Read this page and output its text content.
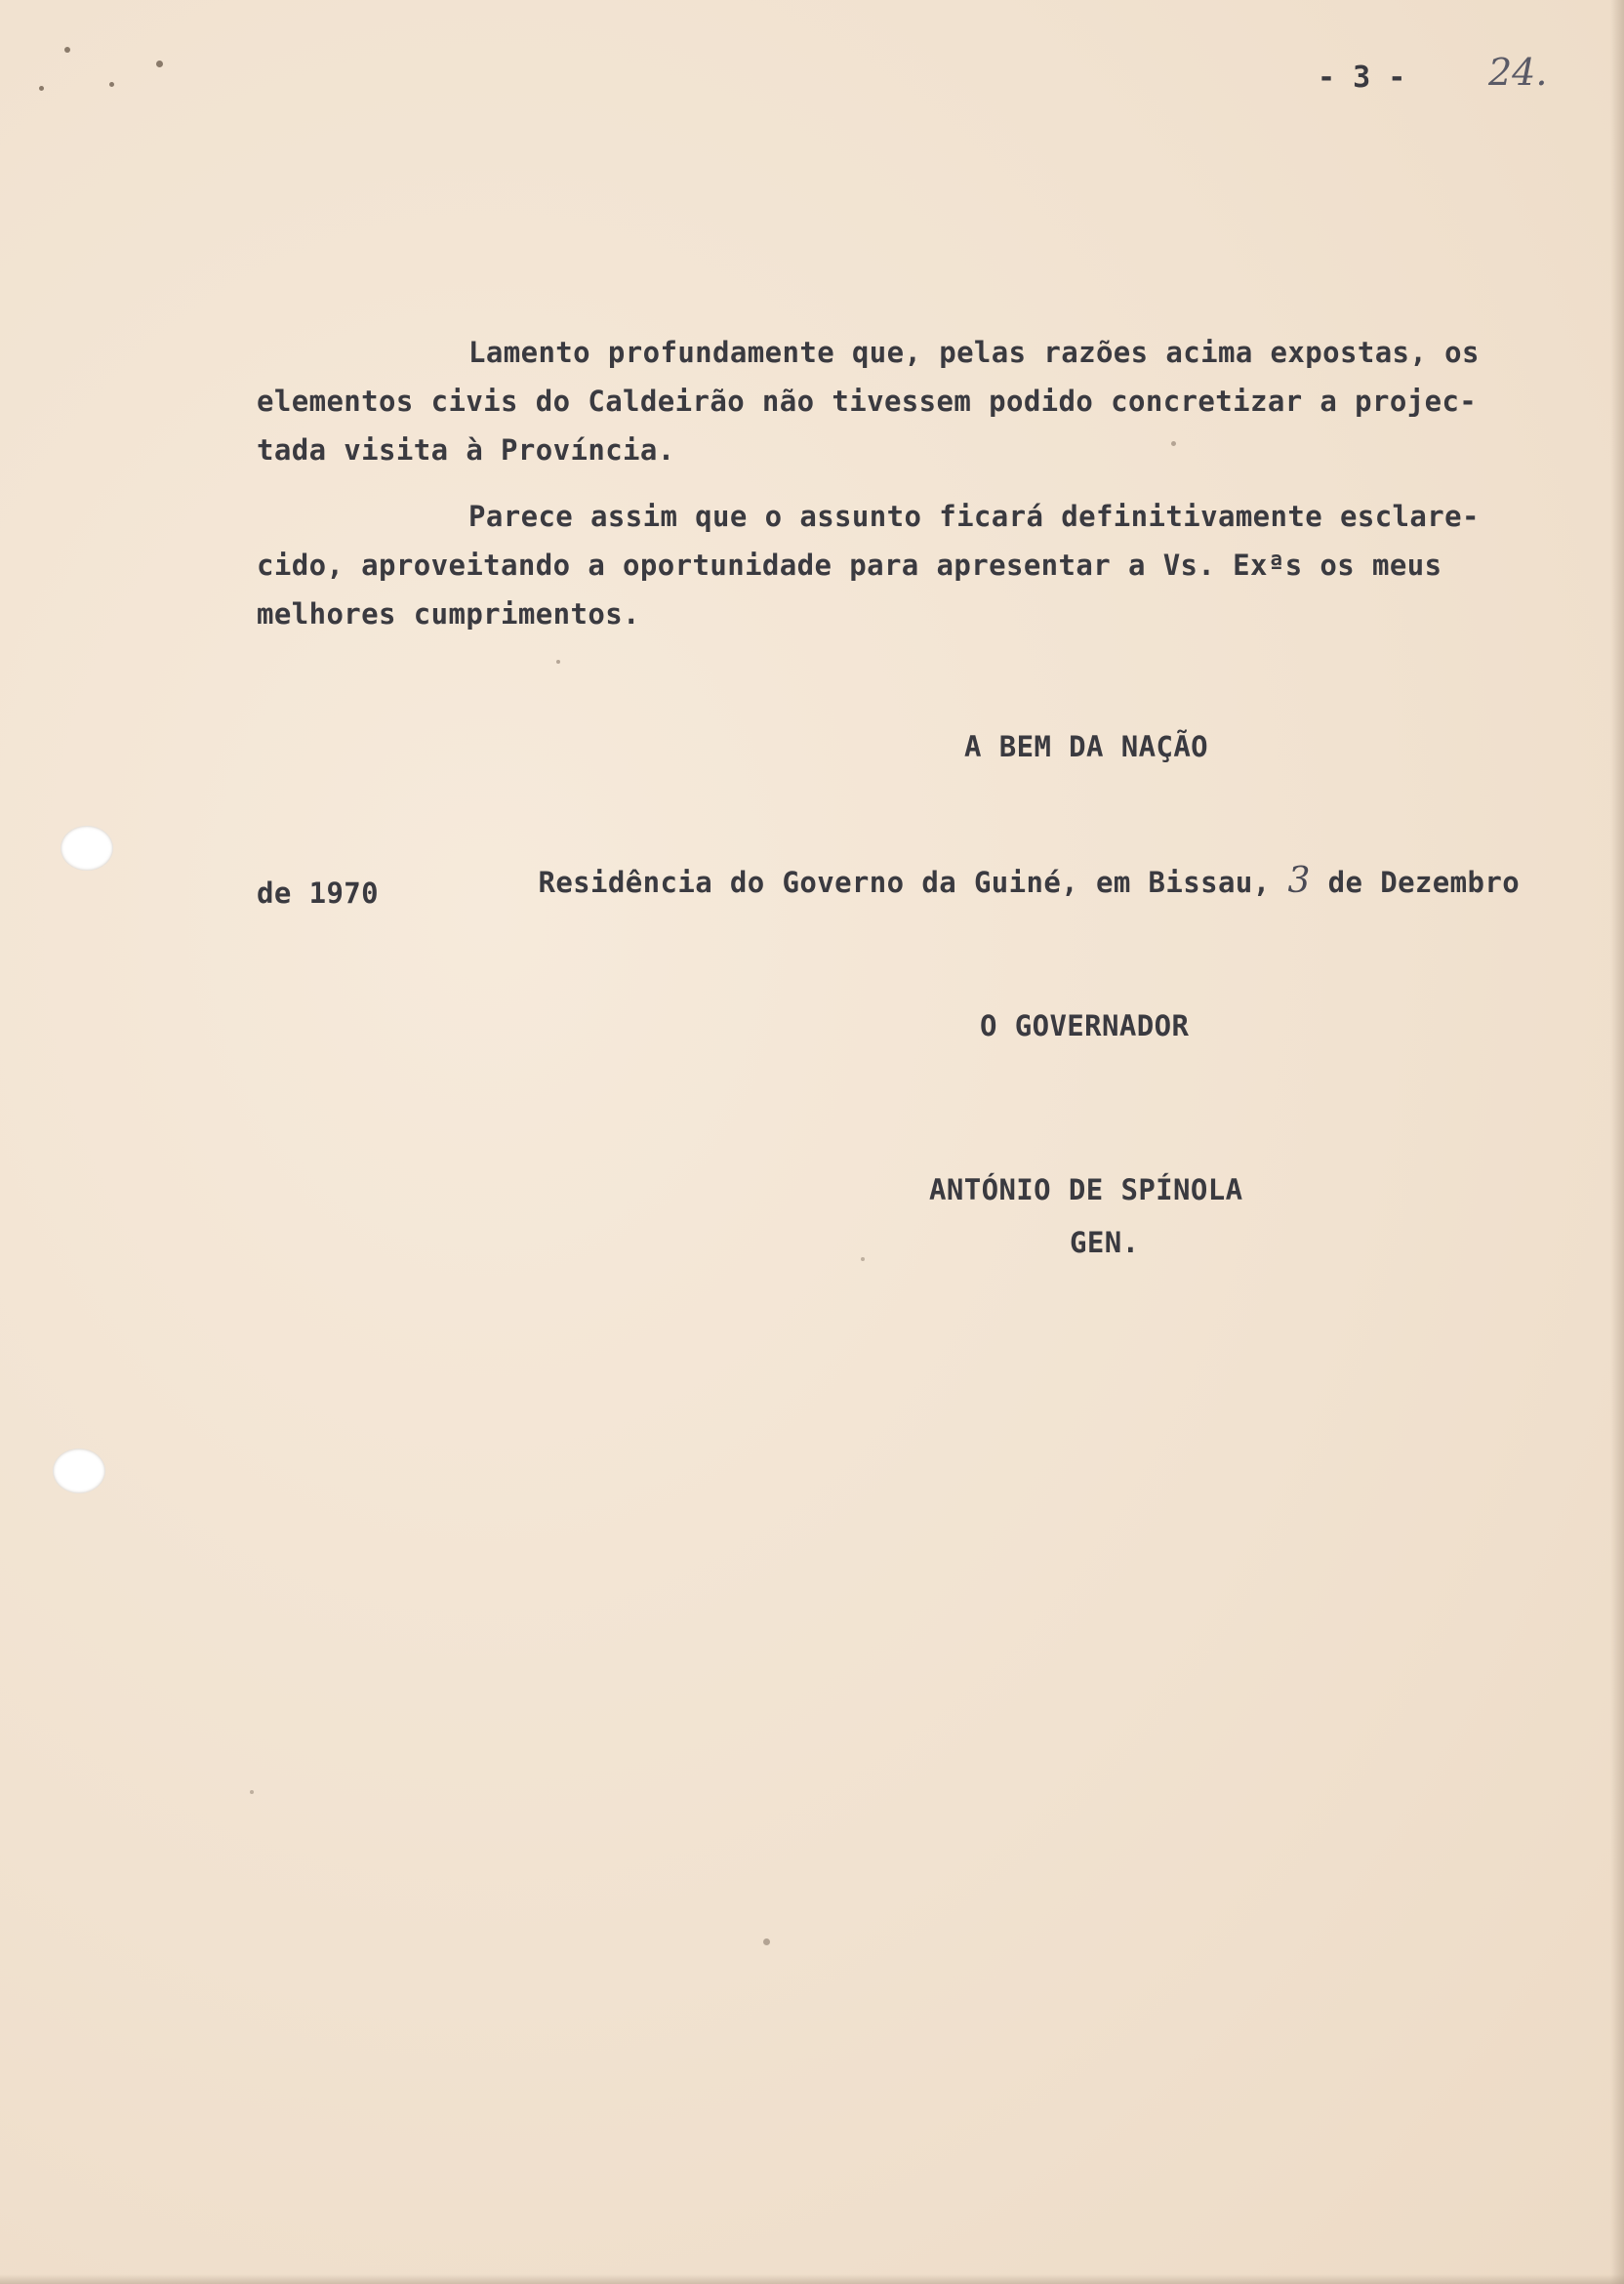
- 3 - 24.
Lamento profundamente que, pelas razões acima expostas, os
elementos civis do Caldeirão não tivessem podido concretizar a projec-
tada visita à Província.
Parece assim que o assunto ficará definitivamente esclare-
cido, aproveitando a oportunidade para apresentar a Vs. Exªs os meus
melhores cumprimentos.
A BEM DA NAÇÃO

Residência do Governo da Guiné, em Bissau, 3 de Dezembro

de 1970
O GOVERNADOR
ANTÓNIO DE SPÍNOLA
GEN.
